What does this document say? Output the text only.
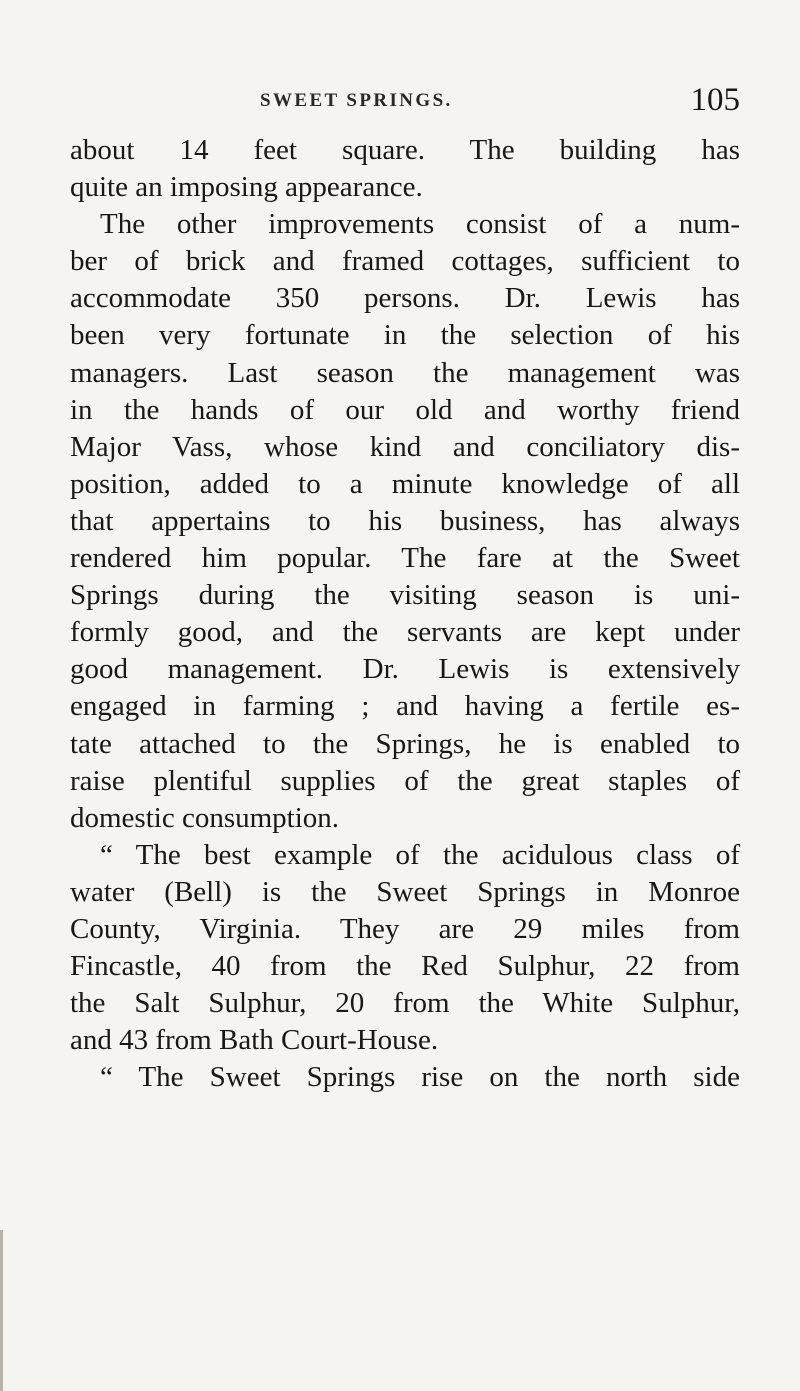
SWEET SPRINGS.	105
about 14 feet square. The building has
quite an imposing appearance.
The other improvements consist of a num-
ber of brick and framed cottages, sufficient to
accommodate 350 persons. Dr. Lewis has
been very fortunate in the selection of his
managers. Last season the management was
in the hands of our old and worthy friend
Major Vass, whose kind and conciliatory dis-
position, added to a minute knowledge of all
that appertains to his business, has always
rendered him popular. The fare at the Sweet
Springs during the visiting season is uni-
formly good, and the servants are kept under
good management. Dr. Lewis is extensively
engaged in farming ; and having a fertile es-
tate attached to the Springs, he is enabled to
raise plentiful supplies of the great staples of
domestic consumption.
“ The best example of the acidulous class of
water (Bell) is the Sweet Springs in Monroe
County, Virginia. They are 29 miles from
Fincastle, 40 from the Red Sulphur, 22 from
the Salt Sulphur, 20 from the White Sulphur,
and 43 from Bath Court-House.
“ The Sweet Springs rise on the north side
